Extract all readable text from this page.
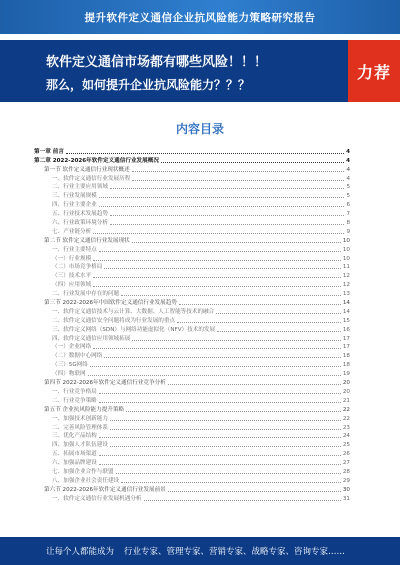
提升软件定义通信企业抗风险能力策略研究报告
软件定义通信市场都有哪些风险！！！
那么，如何提升企业抗风险能力？？？
力荐
内容目录
第一章 前言	4
第二章 2022-2026年软件定义通信行业发展概况	4
第一节 软件定义通信行业现状概述	4
一、软件定义通信行业发展历程	4
二、行业主要应用领域	5
三、行业发展规模	5
四、行业主要企业	6
五、行业技术发展趋势	7
六、行业政策环境分析	8
七、产业链分析	9
第二节 软件定义通信行业发展现状	10
一、行业主要特点	10
（一）行业规模	10
（二）市场竞争格局	11
（三）技术水平	12
（四）应用领域	12
二、行业发展中存在的问题	13
第三节 2022-2026年中国软件定义通信行业发展趋势	14
一、软件定义通信技术与云计算、大数据、人工智能等技术的融合	14
二、软件定义通信安全问题将成为行业发展的重点	15
三、软件定义网络（SDN）与网络功能虚拟化（NFV）技术的发展	16
四、软件定义通信应用领域拓展	17
（一）企业网络	17
（二）数据中心网络	18
（三）5G网络	18
（四）物联网	19
第四节 2022-2026年软件定义通信行业竞争分析	20
一、行业竞争格局	20
二、行业竞争策略	21
第五节 企业抗风险能力提升策略	22
一、加强技术创新能力	22
二、完善风险管理体系	23
三、优化产品结构	24
四、加强人才队伍建设	25
五、拓展市场渠道	26
六、加强品牌建设	27
七、加强企业合作与联盟	28
八、加强企业社会责任建设	29
第六节 2022-2026年软件定义通信行业发展前景	30
一、软件定义通信行业发展机遇分析	31
让每个人都能成为 行业专家、管理专家、营销专家、战略专家、咨询专家……
